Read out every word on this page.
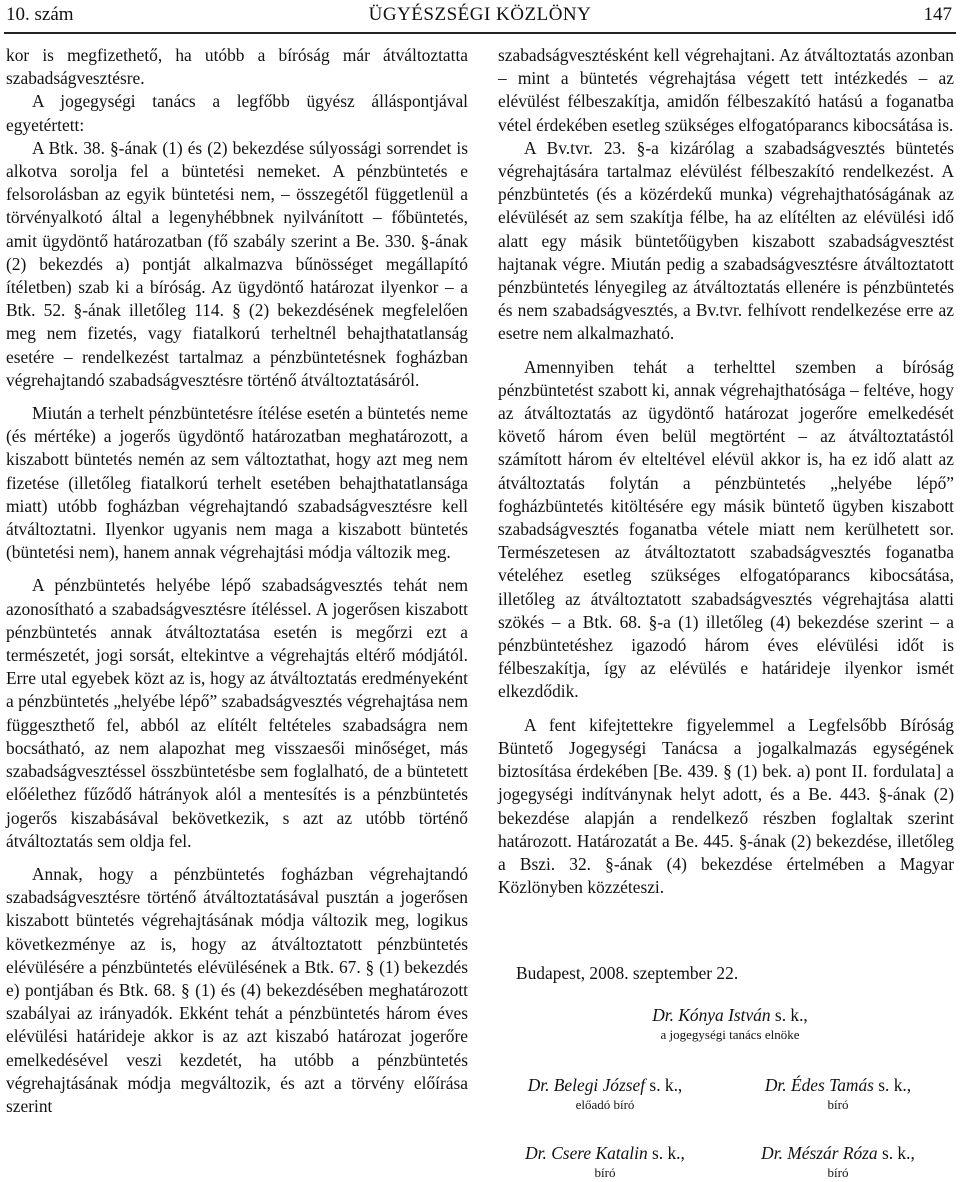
10. szám	ÜGYÉSZSÉGI KÖZLÖNY	147

kor is megfizethető, ha utóbb a bíróság már átváltoztatta szabadságvesztésre.

A jogegységi tanács a legfőbb ügyész álláspontjával egyetértett:

A Btk. 38. §-ának (1) és (2) bekezdése súlyossági sorrendet is alkotva sorolja fel a büntetési nemeket. A pénzbüntetés e felsorolásban az egyik büntetési nem, – összegétől függetlenül a törvényalkotó által a legenyhébbnek nyilvánított – főbüntetés, amit ügydöntő határozatban (fő szabály szerint a Be. 330. §-ának (2) bekezdés a) pontját alkalmazva bűnösséget megállapító ítéletben) szab ki a bíróság. Az ügydöntő határozat ilyenkor – a Btk. 52. §-ának illetőleg 114. § (2) bekezdésének megfelelően meg nem fizetés, vagy fiatalkorú terheltnél behajthatatlanság esetére – rendelkezést tartalmaz a pénzbüntetésnek fogházban végrehajtandó szabadságvesztésre történő átváltoztatásáról.

Miután a terhelt pénzbüntetésre ítélése esetén a büntetés neme (és mértéke) a jogerős ügydöntő határozatban meghatározott, a kiszabott büntetés nemén az sem változtathat, hogy azt meg nem fizetése (illetőleg fiatalkorú terhelt esetében behajthatatlansága miatt) utóbb fogházban végrehajtandó szabadságvesztésre kell átváltoztatni. Ilyenkor ugyanis nem maga a kiszabott büntetés (büntetési nem), hanem annak végrehajtási módja változik meg.

A pénzbüntetés helyébe lépő szabadságvesztés tehát nem azonosítható a szabadságvesztésre ítéléssel. A jogerősen kiszabott pénzbüntetés annak átváltoztatása esetén is megőrzi ezt a természetét, jogi sorsát, eltekintve a végrehajtás eltérő módjától. Erre utal egyebek közt az is, hogy az átváltoztatás eredményeként a pénzbüntetés „helyébe lépő” szabadságvesztés végrehajtása nem függeszthető fel, abból az elítélt feltételes szabadságra nem bocsátható, az nem alapozhat meg visszaesői minőséget, más szabadságvesztéssel összbüntetésbe sem foglalható, de a büntetett előélethez fűződő hátrányok alól a mentesítés is a pénzbüntetés jogerős kiszabásával bekövetkezik, s azt az utóbb történő átváltoztatás sem oldja fel.

Annak, hogy a pénzbüntetés fogházban végrehajtandó szabadságvesztésre történő átváltoztatásával pusztán a jogerősen kiszabott büntetés végrehajtásának módja változik meg, logikus következménye az is, hogy az átváltoztatott pénzbüntetés elévülésére a pénzbüntetés elévülésének a Btk. 67. § (1) bekezdés e) pontjában és Btk. 68. § (1) és (4) bekezdésében meghatározott szabályai az irányadók. Ekként tehát a pénzbüntetés három éves elévülési határideje akkor is az azt kiszabó határozat jogerőre emelkedésével veszi kezdetét, ha utóbb a pénzbüntetés végrehajtásának módja megváltozik, és azt a törvény előírása szerint

szabadságvesztésként kell végrehajtani. Az átváltoztatás azonban – mint a büntetés végrehajtása végett tett intézkedés – az elévülést félbeszakítja, amidőn félbeszakító hatású a foganatba vétel érdekében esetleg szükséges elfogatóparancs kibocsátása is.

A Bv.tvr. 23. §-a kizárólag a szabadságvesztés büntetés végrehajtására tartalmaz elévülést félbeszakító rendelkezést. A pénzbüntetés (és a közérdekű munka) végrehajthatóságának az elévülését az sem szakítja félbe, ha az elítélten az elévülési idő alatt egy másik büntetőügyben kiszabott szabadságvesztést hajtanak végre. Miután pedig a szabadságvesztésre átváltoztatott pénzbüntetés lényegileg az átváltoztatás ellenére is pénzbüntetés és nem szabadságvesztés, a Bv.tvr. felhívott rendelkezése erre az esetre nem alkalmazható.

Amennyiben tehát a terhelttel szemben a bíróság pénzbüntetést szabott ki, annak végrehajthatósága – feltéve, hogy az átváltoztatás az ügydöntő határozat jogerőre emelkedését követő három éven belül megtörtént – az átváltoztatástól számított három év elteltével elévül akkor is, ha ez idő alatt az átváltoztatás folytán a pénzbüntetés „helyébe lépő” fogházbüntetés kitöltésére egy másik büntető ügyben kiszabott szabadságvesztés foganatba vétele miatt nem kerülhetett sor. Természetesen az átváltoztatott szabadságvesztés foganatba vételéhez esetleg szükséges elfogatóparancs kibocsátása, illetőleg az átváltoztatott szabadságvesztés végrehajtása alatti szökés – a Btk. 68. §-a (1) illetőleg (4) bekezdése szerint – a pénzbüntetéshez igazodó három éves elévülési időt is félbeszakítja, így az elévülés e határideje ilyenkor ismét elkezdődik.

A fent kifejtettekre figyelemmel a Legfelsőbb Bíróság Büntető Jogegységi Tanácsa a jogalkalmazás egységének biztosítása érdekében [Be. 439. § (1) bek. a) pont II. fordulata] a jogegységi indítványnak helyt adott, és a Be. 443. §-ának (2) bekezdése alapján a rendelkező részben foglaltak szerint határozott. Határozatát a Be. 445. §-ának (2) bekezdése, illetőleg a Bszi. 32. §-ának (4) bekezdése értelmében a Magyar Közlönyben közzéteszi.

Budapest, 2008. szeptember 22.
Dr. Kónya István s. k.,
a jogegységi tanács elnöke
Dr. Belegi József s. k.,
előadó bíró
Dr. Édes Tamás s. k.,
bíró
Dr. Csere Katalin s. k.,
bíró
Dr. Mészár Róza s. k.,
bíró
